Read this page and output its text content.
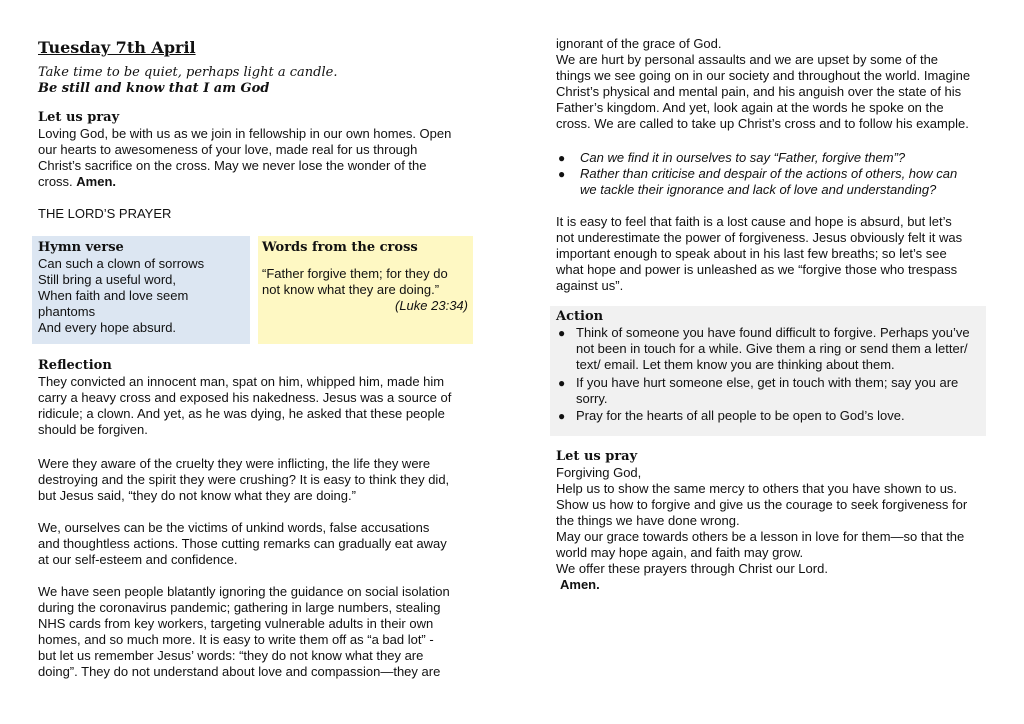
Tuesday 7th April
Take time to be quiet, perhaps light a candle.
Be still and know that I am God
Let us pray
Loving God, be with us as we join in fellowship in our own homes. Open
our hearts to awesomeness of your love, made real for us through
Christ’s sacrifice on the cross. May we never lose the wonder of the
cross. Amen.
THE LORD’S PRAYER
Hymn verse
Can such a clown of sorrows
Still bring a useful word,
When faith and love seem
phantoms
And every hope absurd.
Words from the cross
“Father forgive them; for they do
not know what they are doing.”
(Luke 23:34)
Reflection
They convicted an innocent man, spat on him, whipped him, made him
carry a heavy cross and exposed his nakedness. Jesus was a source of
ridicule; a clown. And yet, as he was dying, he asked that these people
should be forgiven.
Were they aware of the cruelty they were inflicting, the life they were
destroying and the spirit they were crushing? It is easy to think they did,
but Jesus said, “they do not know what they are doing.”
We, ourselves can be the victims of unkind words, false accusations
and thoughtless actions. Those cutting remarks can gradually eat away
at our self-esteem and confidence.
We have seen people blatantly ignoring the guidance on social isolation
during the coronavirus pandemic; gathering in large numbers, stealing
NHS cards from key workers, targeting vulnerable adults in their own
homes, and so much more. It is easy to write them off as “a bad lot” -
but let us remember Jesus’ words: “they do not know what they are
doing”. They do not understand about love and compassion—they are
ignorant of the grace of God.
We are hurt by personal assaults and we are upset by some of the
things we see going on in our society and throughout the world. Imagine
Christ’s physical and mental pain, and his anguish over the state of his
Father’s kingdom. And yet, look again at the words he spoke on the
cross. We are called to take up Christ’s cross and to follow his example.
● Can we find it in ourselves to say “Father, forgive them”?
● Rather than criticise and despair of the actions of others, how can
we tackle their ignorance and lack of love and understanding?
It is easy to feel that faith is a lost cause and hope is absurd, but let’s
not underestimate the power of forgiveness. Jesus obviously felt it was
important enough to speak about in his last few breaths; so let’s see
what hope and power is unleashed as we “forgive those who trespass
against us”.
Action
● Think of someone you have found difficult to forgive. Perhaps you’ve
not been in touch for a while. Give them a ring or send them a letter/
text/ email. Let them know you are thinking about them.
● If you have hurt someone else, get in touch with them; say you are
sorry.
● Pray for the hearts of all people to be open to God’s love.
Let us pray
Forgiving God,
Help us to show the same mercy to others that you have shown to us.
Show us how to forgive and give us the courage to seek forgiveness for
the things we have done wrong.
May our grace towards others be a lesson in love for them—so that the
world may hope again, and faith may grow.
We offer these prayers through Christ our Lord.
Amen.
